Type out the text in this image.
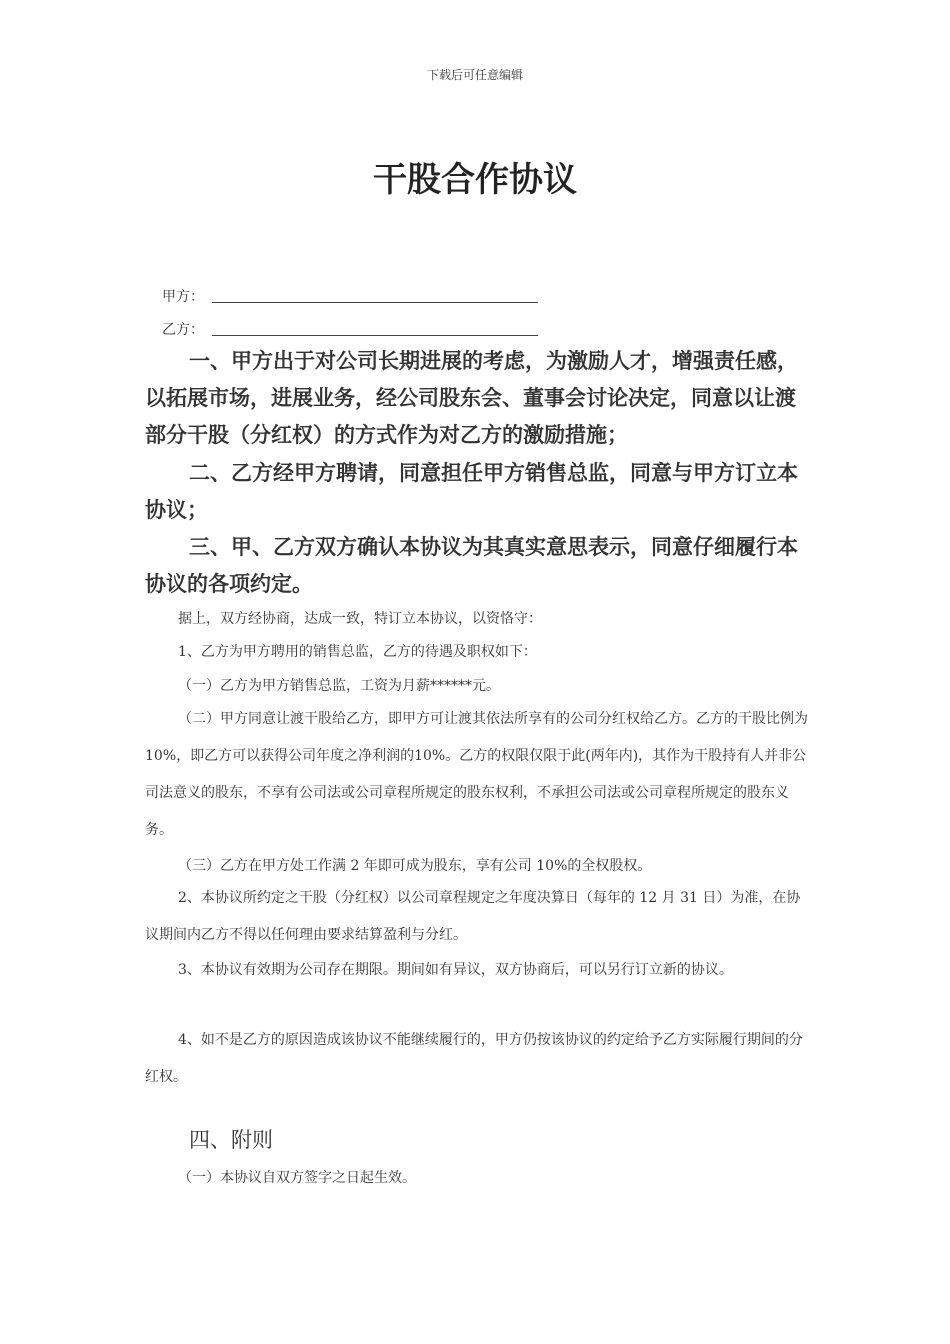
下载后可任意编辑
干股合作协议
甲方：
乙方：

一、甲方出于对公司长期进展的考虑，为激励人才，增强责任感，以拓展市场，进展业务，经公司股东会、董事会讨论决定，同意以让渡部分干股（分红权）的方式作为对乙方的激励措施；

二、乙方经甲方聘请，同意担任甲方销售总监，同意与甲方订立本协议；

三、甲、乙方双方确认本协议为其真实意思表示，同意仔细履行本协议的各项约定。

据上，双方经协商，达成一致，特订立本协议，以资恪守：

1、乙方为甲方聘用的销售总监，乙方的待遇及职权如下：

（一）乙方为甲方销售总监，工资为月薪******元。

（二）甲方同意让渡干股给乙方，即甲方可让渡其依法所享有的公司分红权给乙方。乙方的干股比例为10%，即乙方可以获得公司年度之净利润的10%。乙方的权限仅限于此(两年内)，其作为干股持有人并非公司法意义的股东，不享有公司法或公司章程所规定的股东权利，不承担公司法或公司章程所规定的股东义务。

（三）乙方在甲方处工作满 2 年即可成为股东，享有公司 10%的全权股权。

2、本协议所约定之干股（分红权）以公司章程规定之年度决算日（每年的 12 月 31 日）为准，在协议期间内乙方不得以任何理由要求结算盈利与分红。

3、本协议有效期为公司存在期限。期间如有异议，双方协商后，可以另行订立新的协议。

4、如不是乙方的原因造成该协议不能继续履行的，甲方仍按该协议的约定给予乙方实际履行期间的分红权。

四、附则

（一）本协议自双方签字之日起生效。
